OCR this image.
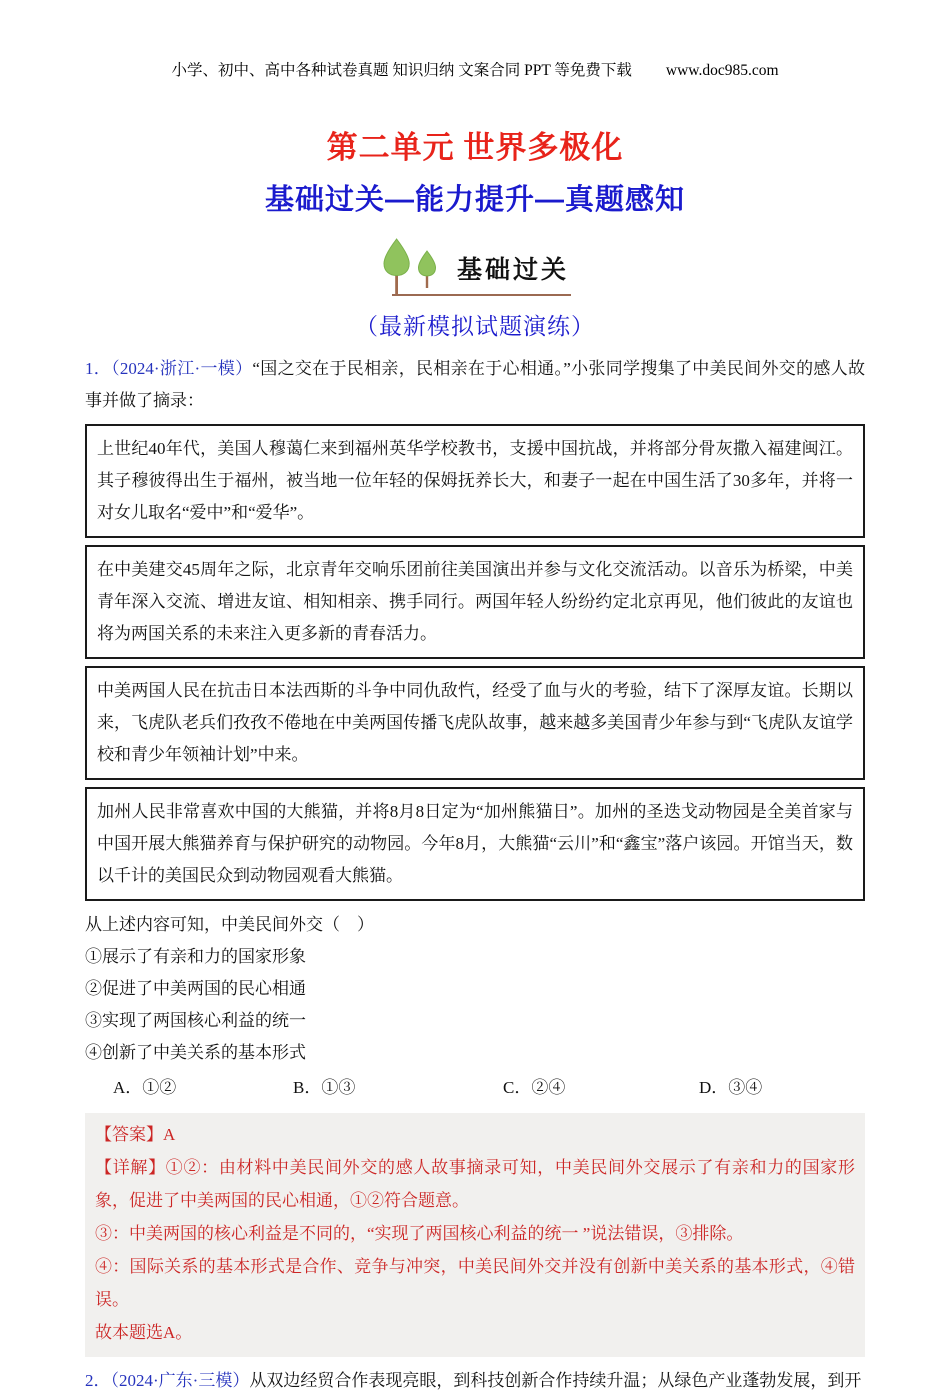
小学、初中、高中各种试卷真题 知识归纳 文案合同 PPT 等免费下载 www.doc985.com
第二单元 世界多极化
基础过关—能力提升—真题感知
基础过关
（最新模拟试题演练）
1．（2024·浙江·一模）“国之交在于民相亲，民相亲在于心相通。”小张同学搜集了中美民间外交的感人故事并做了摘录：
上世纪40年代，美国人穆蔼仁来到福州英华学校教书，支援中国抗战，并将部分骨灰撒入福建闽江。其子穆彼得出生于福州，被当地一位年轻的保姆抚养长大，和妻子一起在中国生活了30多年，并将一对女儿取名“爱中”和“爱华”。
在中美建交45周年之际，北京青年交响乐团前往美国演出并参与文化交流活动。以音乐为桥梁，中美青年深入交流、增进友谊、相知相亲、携手同行。两国年轻人纷纷约定北京再见，他们彼此的友谊也将为两国关系的未来注入更多新的青春活力。
中美两国人民在抗击日本法西斯的斗争中同仇敌忾，经受了血与火的考验，结下了深厚友谊。长期以来，飞虎队老兵们孜孜不倦地在中美两国传播飞虎队故事，越来越多美国青少年参与到“飞虎队友谊学校和青少年领袖计划”中来。
加州人民非常喜欢中国的大熊猫，并将8月8日定为“加州熊猫日”。加州的圣迭戈动物园是全美首家与中国开展大熊猫养育与保护研究的动物园。今年8月，大熊猫“云川”和“鑫宝”落户该园。开馆当天，数以千计的美国民众到动物园观看大熊猫。
从上述内容可知，中美民间外交（　）
①展示了有亲和力的国家形象
②促进了中美两国的民心相通
③实现了两国核心利益的统一
④创新了中美关系的基本形式
A．①②	B．①③	C．②④	D．③④
【答案】A

【详解】①②：由材料中美民间外交的感人故事摘录可知，中美民间外交展示了有亲和力的国家形象，促进了中美两国的民心相通，①②符合题意。

③：中美两国的核心利益是不同的，“实现了两国核心利益的统一 ”说法错误，③排除。

④：国际关系的基本形式是合作、竞争与冲突，中美民间外交并没有创新中美关系的基本形式，④错误。

故本题选A。

2．（2024·广东·三模）从双边经贸合作表现亮眼，到科技创新合作持续升温；从绿色产业蓬勃发展，到开
